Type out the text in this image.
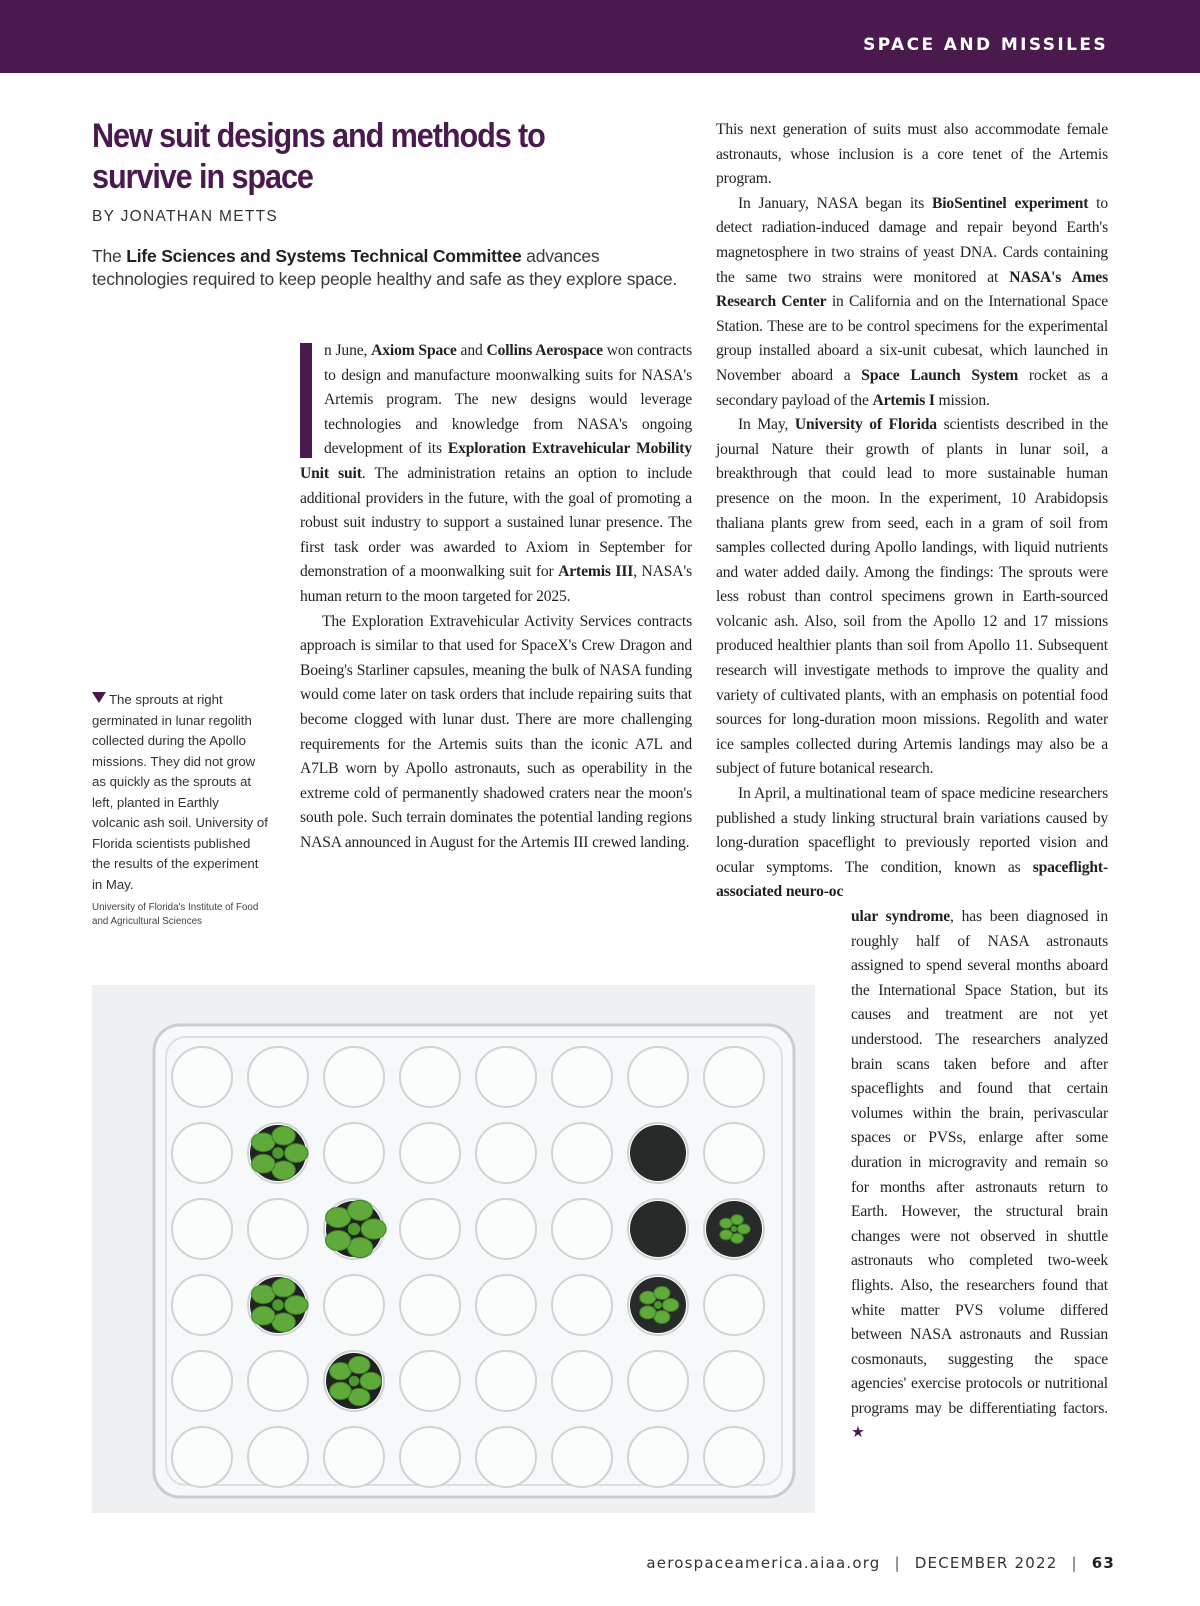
SPACE AND MISSILES
New suit designs and methods to survive in space
BY JONATHAN METTS
The Life Sciences and Systems Technical Committee advances technologies required to keep people healthy and safe as they explore space.
The sprouts at right germinated in lunar regolith collected during the Apollo missions. They did not grow as quickly as the sprouts at left, planted in Earthly volcanic ash soil. University of Florida scientists published the results of the experiment in May.
University of Florida's Institute of Food and Agricultural Sciences

n June, Axiom Space and Collins Aerospace won contracts to design and manufacture moonwalking suits for NASA's Artemis program. The new designs would leverage technologies and knowledge from NASA's ongoing development of its Exploration Extravehicular Mobility Unit suit. The administration retains an option to include additional providers in the future, with the goal of promoting a robust suit industry to support a sustained lunar presence. The first task order was awarded to Axiom in September for demonstration of a moonwalking suit for Artemis III, NASA's human return to the moon targeted for 2025.

The Exploration Extravehicular Activity Services contracts approach is similar to that used for SpaceX's Crew Dragon and Boeing's Starliner capsules, meaning the bulk of NASA funding would come later on task orders that include repairing suits that become clogged with lunar dust. There are more challenging requirements for the Artemis suits than the iconic A7L and A7LB worn by Apollo astronauts, such as operability in the extreme cold of permanently shadowed craters near the moon's south pole. Such terrain dominates the potential landing regions NASA announced in August for the Artemis III crewed landing.

This next generation of suits must also accommodate female astronauts, whose inclusion is a core tenet of the Artemis program.

In January, NASA began its BioSentinel experiment to detect radiation-induced damage and repair beyond Earth's magnetosphere in two strains of yeast DNA. Cards containing the same two strains were monitored at NASA's Ames Research Center in California and on the International Space Station. These are to be control specimens for the experimental group installed aboard a six-unit cubesat, which launched in November aboard a Space Launch System rocket as a secondary payload of the Artemis I mission.

In May, University of Florida scientists described in the journal Nature their growth of plants in lunar soil, a breakthrough that could lead to more sustainable human presence on the moon. In the experiment, 10 Arabidopsis thaliana plants grew from seed, each in a gram of soil from samples collected during Apollo landings, with liquid nutrients and water added daily. Among the findings: The sprouts were less robust than control specimens grown in Earth-sourced volcanic ash. Also, soil from the Apollo 12 and 17 missions produced healthier plants than soil from Apollo 11. Subsequent research will investigate methods to improve the quality and variety of cultivated plants, with an emphasis on potential food sources for long-duration moon missions. Regolith and water ice samples collected during Artemis landings may also be a subject of future botanical research.

In April, a multinational team of space medicine researchers published a study linking structural brain variations caused by long-duration spaceflight to previously reported vision and ocular symptoms. The condition, known as spaceflight-associated neuro-oc

ular syndrome, has been diagnosed in roughly half of NASA astronauts assigned to spend several months aboard the International Space Station, but its causes and treatment are not yet understood. The researchers analyzed brain scans taken before and after spaceflights and found that certain volumes within the brain, perivascular spaces or PVSs, enlarge after some duration in microgravity and remain so for months after astronauts return to Earth. However, the structural brain changes were not observed in shuttle astronauts who completed two-week flights. Also, the researchers found that white matter PVS volume differed between NASA astronauts and Russian cosmonauts, suggesting the space agencies' exercise protocols or nutritional programs may be differentiating factors. ★

aerospaceamerica.aiaa.org | DECEMBER 2022 | 63
